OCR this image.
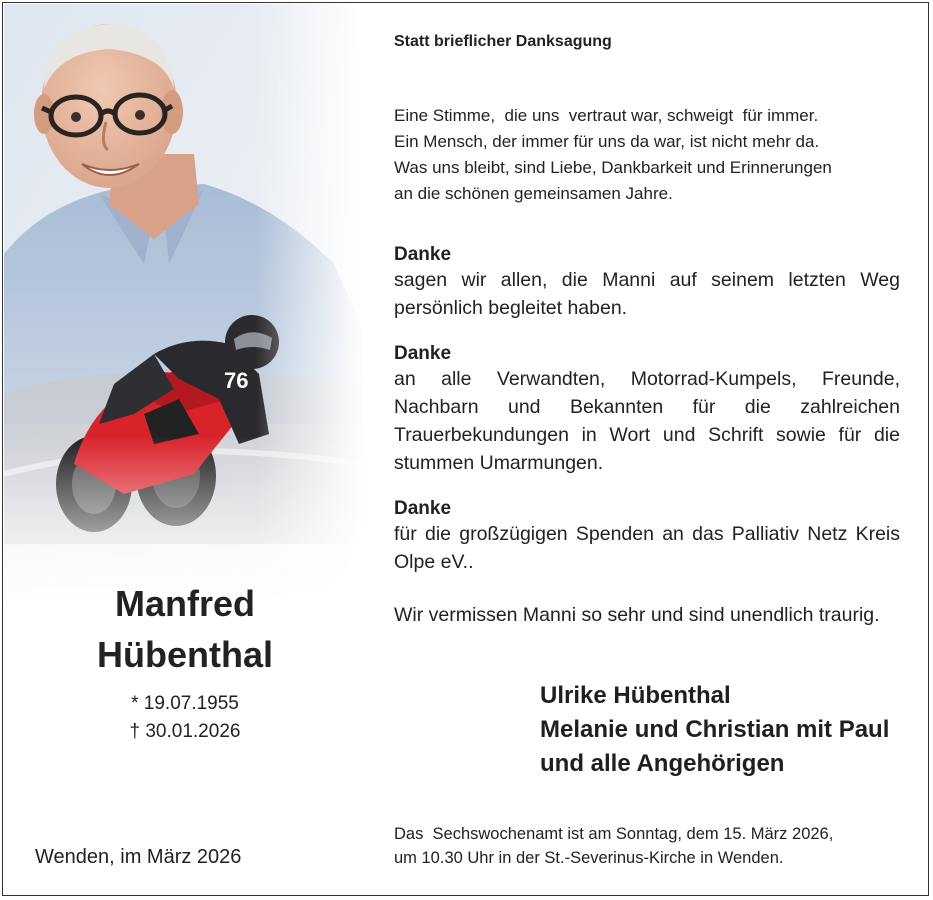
Manfred
Hübenthal
* 19.07.1955
† 30.01.2026
Wenden, im März 2026
Statt brieflicher Danksagung
Eine Stimme,  die uns  vertraut war, schweigt  für immer.
Ein Mensch, der immer für uns da war, ist nicht mehr da.
Was uns bleibt, sind Liebe, Dankbarkeit und Erinnerungen
an die schönen gemeinsamen Jahre.
Danke
sagen wir allen, die Manni auf seinem letzten Weg persönlich begleitet haben.
Danke
an alle Verwandten, Motorrad-Kumpels, Freunde, Nachbarn und Bekannten für die zahlreichen Trauerbekundungen in Wort und Schrift sowie für die stummen Umarmungen.
Danke
für die großzügigen Spenden an das Palliativ Netz Kreis Olpe eV..
Wir vermissen Manni so sehr und sind unendlich traurig.
Ulrike Hübenthal
Melanie und Christian mit Paul
und alle Angehörigen
Das  Sechswochenamt ist am Sonntag, dem 15. März 2026,
um 10.30 Uhr in der St.-Severinus-Kirche in Wenden.
